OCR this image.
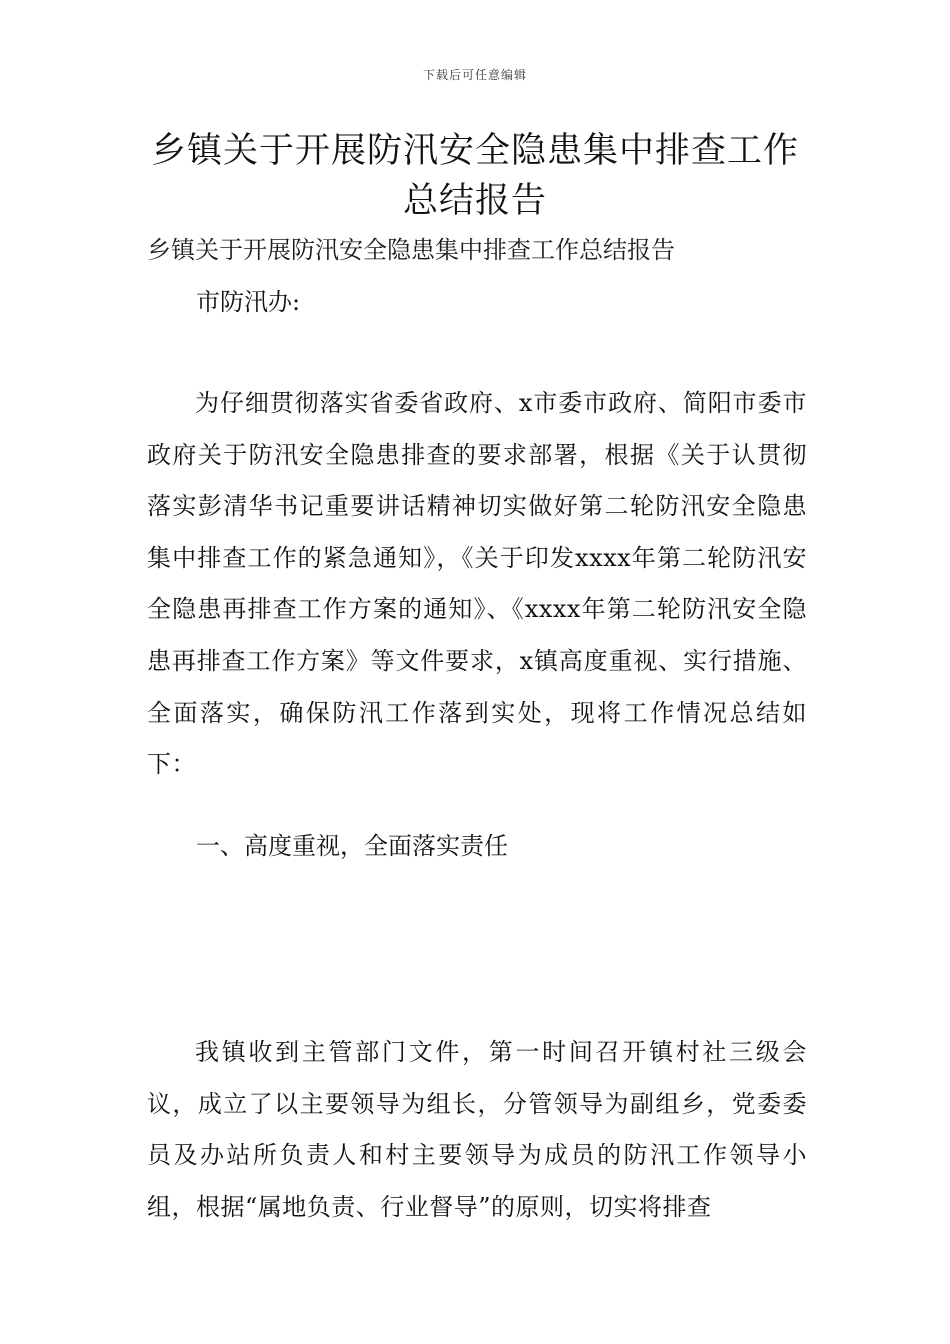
下载后可任意编辑
乡镇关于开展防汛安全隐患集中排查工作总结报告
乡镇关于开展防汛安全隐患集中排查工作总结报告
市防汛办:
为仔细贯彻落实省委省政府、x市委市政府、简阳市委市政府关于防汛安全隐患排查的要求部署，根据《关于认贯彻落实彭清华书记重要讲话精神切实做好第二轮防汛安全隐患集中排查工作的紧急通知》，《关于印发xxxx年第二轮防汛安全隐患再排查工作方案的通知》、《xxxx年第二轮防汛安全隐患再排查工作方案》等文件要求，x镇高度重视、实行措施、全面落实，确保防汛工作落到实处，现将工作情况总结如下：
一、高度重视，全面落实责任
我镇收到主管部门文件，第一时间召开镇村社三级会议，成立了以主要领导为组长，分管领导为副组乡，党委委员及办站所负责人和村主要领导为成员的防汛工作领导小组，根据“属地负责、行业督导”的原则，切实将排查
